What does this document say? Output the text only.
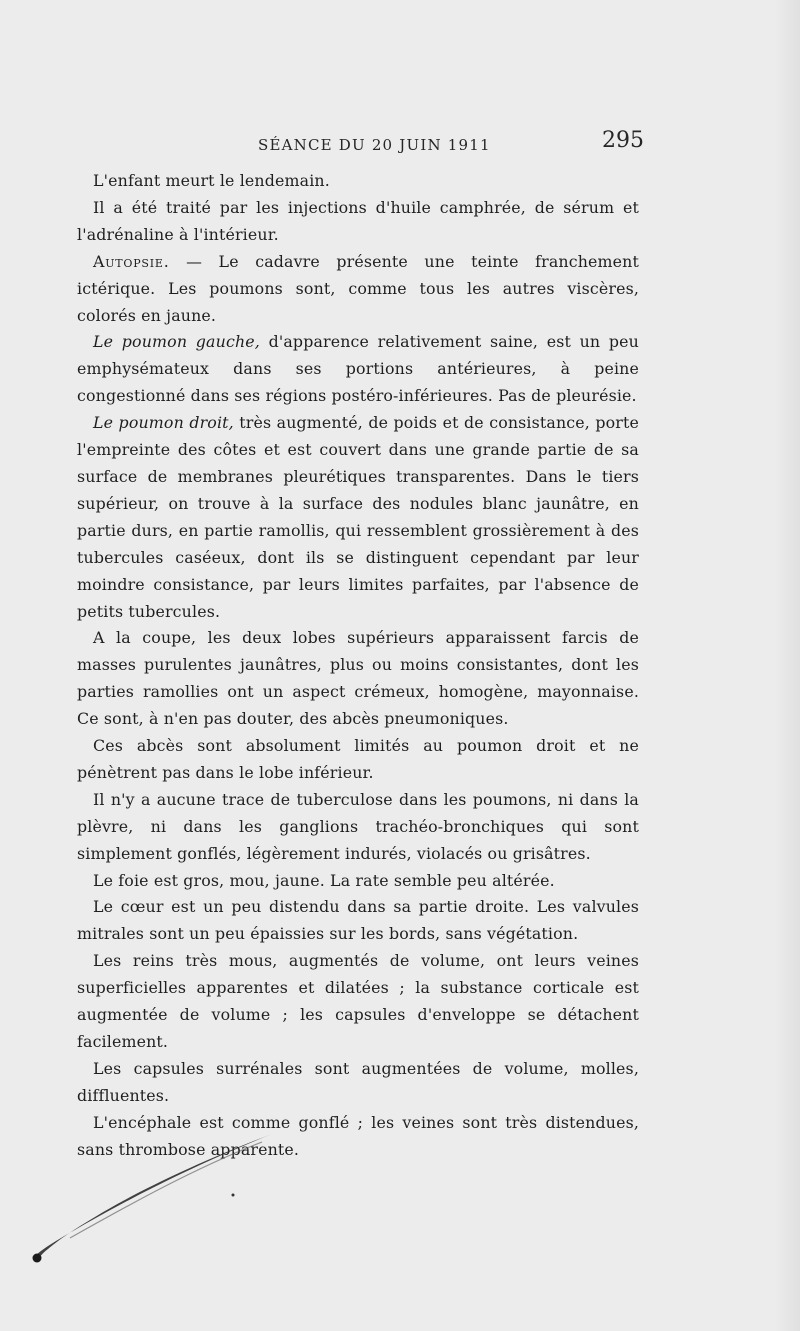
SÉANCE DU 20 JUIN 1911	295

L'enfant meurt le lendemain.

Il a été traité par les injections d'huile camphrée, de sérum et l'adrénaline à l'intérieur.

Autopsie. — Le cadavre présente une teinte franchement ictérique. Les poumons sont, comme tous les autres viscères, colorés en jaune.

Le poumon gauche, d'apparence relativement saine, est un peu emphysémateux dans ses portions antérieures, à peine congestionné dans ses régions postéro-inférieures. Pas de pleurésie.

Le poumon droit, très augmenté, de poids et de consistance, porte l'empreinte des côtes et est couvert dans une grande partie de sa surface de membranes pleurétiques transparentes. Dans le tiers supérieur, on trouve à la surface des nodules blanc jaunâtre, en partie durs, en partie ramollis, qui ressemblent grossièrement à des tubercules caséeux, dont ils se distinguent cependant par leur moindre consistance, par leurs limites parfaites, par l'absence de petits tubercules.

A la coupe, les deux lobes supérieurs apparaissent farcis de masses purulentes jaunâtres, plus ou moins consistantes, dont les parties ramollies ont un aspect crémeux, homogène, mayonnaise. Ce sont, à n'en pas douter, des abcès pneumoniques.

Ces abcès sont absolument limités au poumon droit et ne pénètrent pas dans le lobe inférieur.

Il n'y a aucune trace de tuberculose dans les poumons, ni dans la plèvre, ni dans les ganglions trachéo-bronchiques qui sont simplement gonflés, légèrement indurés, violacés ou grisâtres.

Le foie est gros, mou, jaune. La rate semble peu altérée.

Le cœur est un peu distendu dans sa partie droite. Les valvules mitrales sont un peu épaissies sur les bords, sans végétation.

Les reins très mous, augmentés de volume, ont leurs veines superficielles apparentes et dilatées ; la substance corticale est augmentée de volume ; les capsules d'enveloppe se détachent facilement.

Les capsules surrénales sont augmentées de volume, molles, diffluentes.

L'encéphale est comme gonflé ; les veines sont très distendues, sans thrombose apparente.
